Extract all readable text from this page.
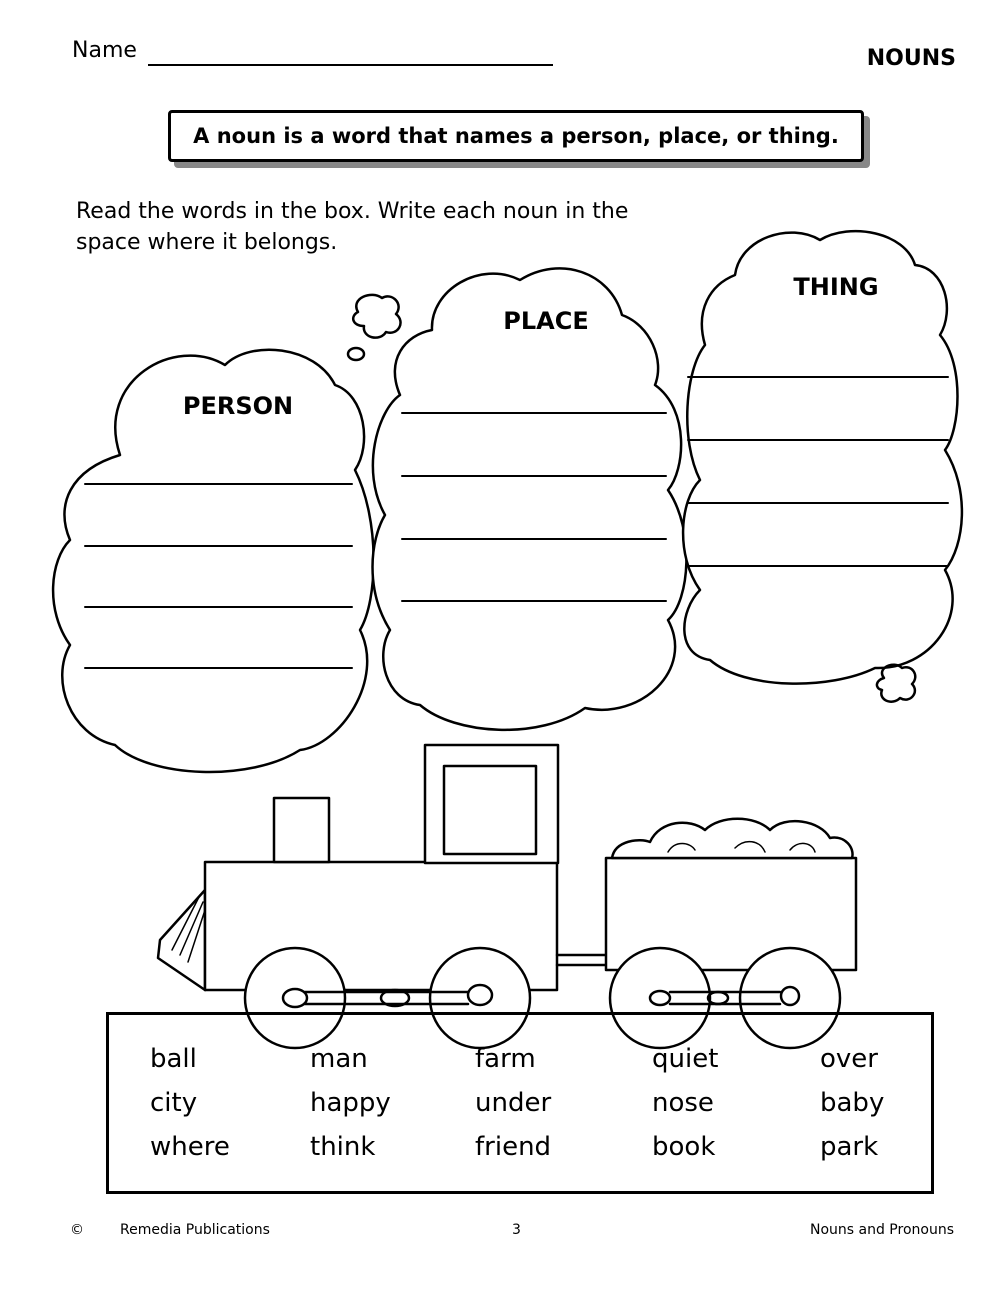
Name	NOUNS
A noun is a word that names a person, place, or thing.
Read the words in the box. Write each noun in the space where it belongs.
PERSON
PLACE
THING
ball	man	farm	quiet	over
city	happy	under	nose	baby
where	think	friend	book	park
©	Remedia Publications	3	Nouns and Pronouns
